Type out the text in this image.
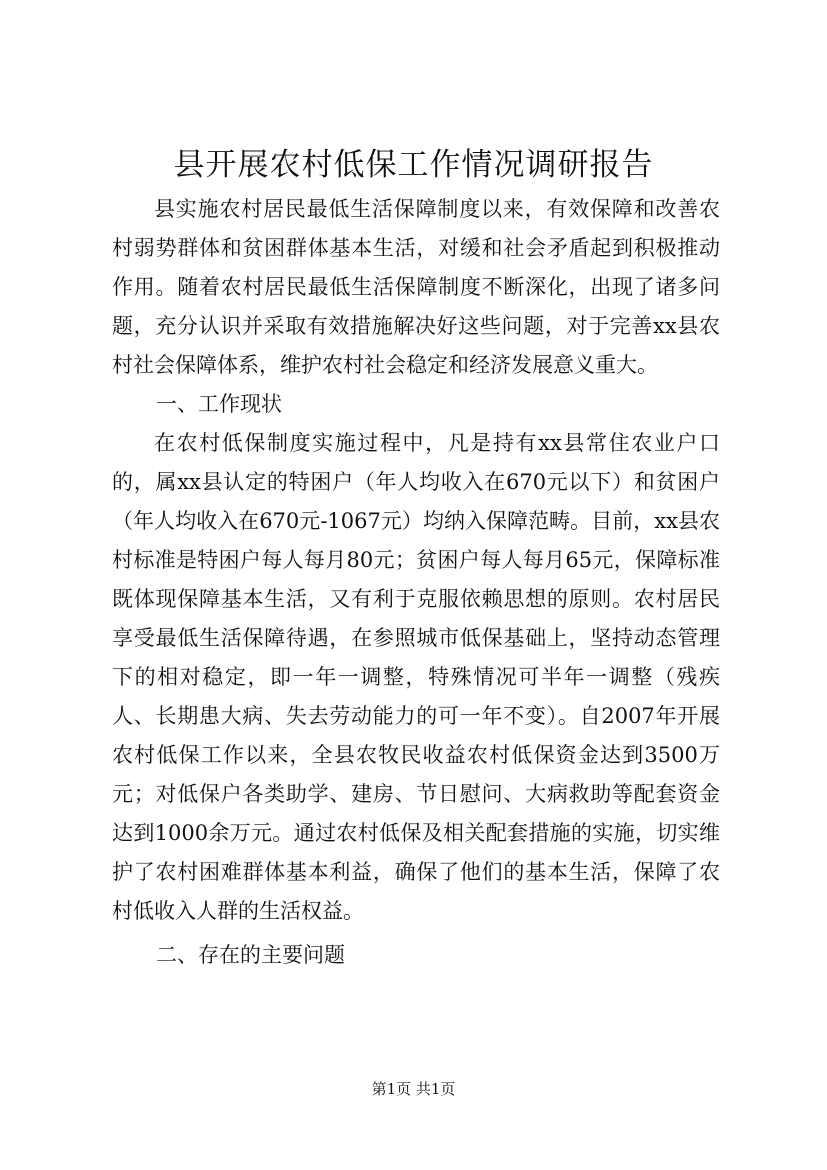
县开展农村低保工作情况调研报告

县实施农村居民最低生活保障制度以来，有效保障和改善农村弱势群体和贫困群体基本生活，对缓和社会矛盾起到积极推动作用。随着农村居民最低生活保障制度不断深化，出现了诸多问题，充分认识并采取有效措施解决好这些问题，对于完善xx县农村社会保障体系，维护农村社会稳定和经济发展意义重大。

一、工作现状

在农村低保制度实施过程中，凡是持有xx县常住农业户口的，属xx县认定的特困户（年人均收入在670元以下）和贫困户（年人均收入在670元-1067元）均纳入保障范畴。目前，xx县农村标准是特困户每人每月80元；贫困户每人每月65元，保障标准既体现保障基本生活，又有利于克服依赖思想的原则。农村居民享受最低生活保障待遇，在参照城市低保基础上，坚持动态管理下的相对稳定，即一年一调整，特殊情况可半年一调整（残疾人、长期患大病、失去劳动能力的可一年不变）。自2007年开展农村低保工作以来，全县农牧民收益农村低保资金达到3500万元；对低保户各类助学、建房、节日慰问、大病救助等配套资金达到1000余万元。通过农村低保及相关配套措施的实施，切实维护了农村困难群体基本利益，确保了他们的基本生活，保障了农村低收入人群的生活权益。

二、存在的主要问题

第1页 共1页
